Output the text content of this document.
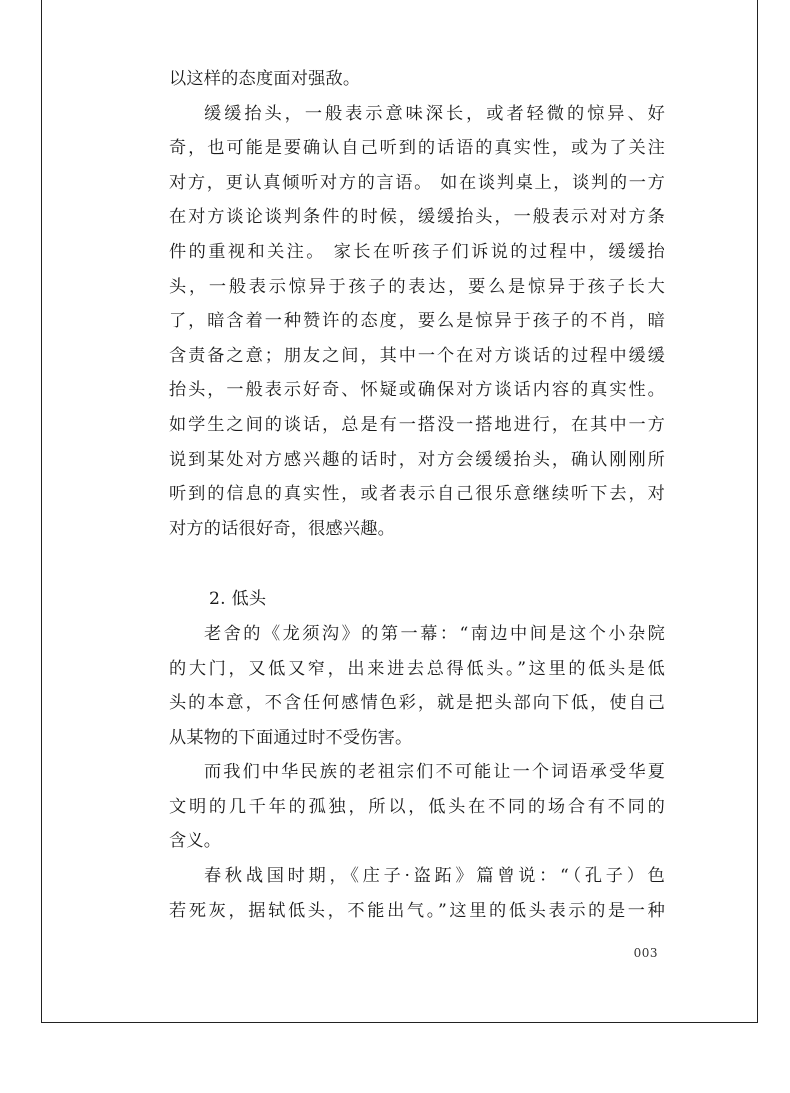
以这样的态度面对强敌。
缓缓抬头，一般表示意味深长，或者轻微的惊异、好
奇，也可能是要确认自己听到的话语的真实性，或为了关注
对方，更认真倾听对方的言语。 如在谈判桌上，谈判的一方
在对方谈论谈判条件的时候，缓缓抬头，一般表示对对方条
件的重视和关注。 家长在听孩子们诉说的过程中，缓缓抬
头，一般表示惊异于孩子的表达，要么是惊异于孩子长大
了，暗含着一种赞许的态度，要么是惊异于孩子的不肖，暗
含责备之意；朋友之间，其中一个在对方谈话的过程中缓缓
抬头，一般表示好奇、怀疑或确保对方谈话内容的真实性。
如学生之间的谈话，总是有一搭没一搭地进行，在其中一方
说到某处对方感兴趣的话时，对方会缓缓抬头，确认刚刚所
听到的信息的真实性，或者表示自己很乐意继续听下去，对
对方的话很好奇，很感兴趣。
2. 低头
老舍的《龙须沟》的第一幕：“南边中间是这个小杂院
的大门，又低又窄，出来进去总得低头。”这里的低头是低
头的本意，不含任何感情色彩，就是把头部向下低，使自己
从某物的下面通过时不受伤害。
而我们中华民族的老祖宗们不可能让一个词语承受华夏
文明的几千年的孤独，所以，低头在不同的场合有不同的
含义。
春秋战国时期，《庄子·盗跖》篇曾说：“（孔子）色
若死灰，据轼低头，不能出气。”这里的低头表示的是一种
003
